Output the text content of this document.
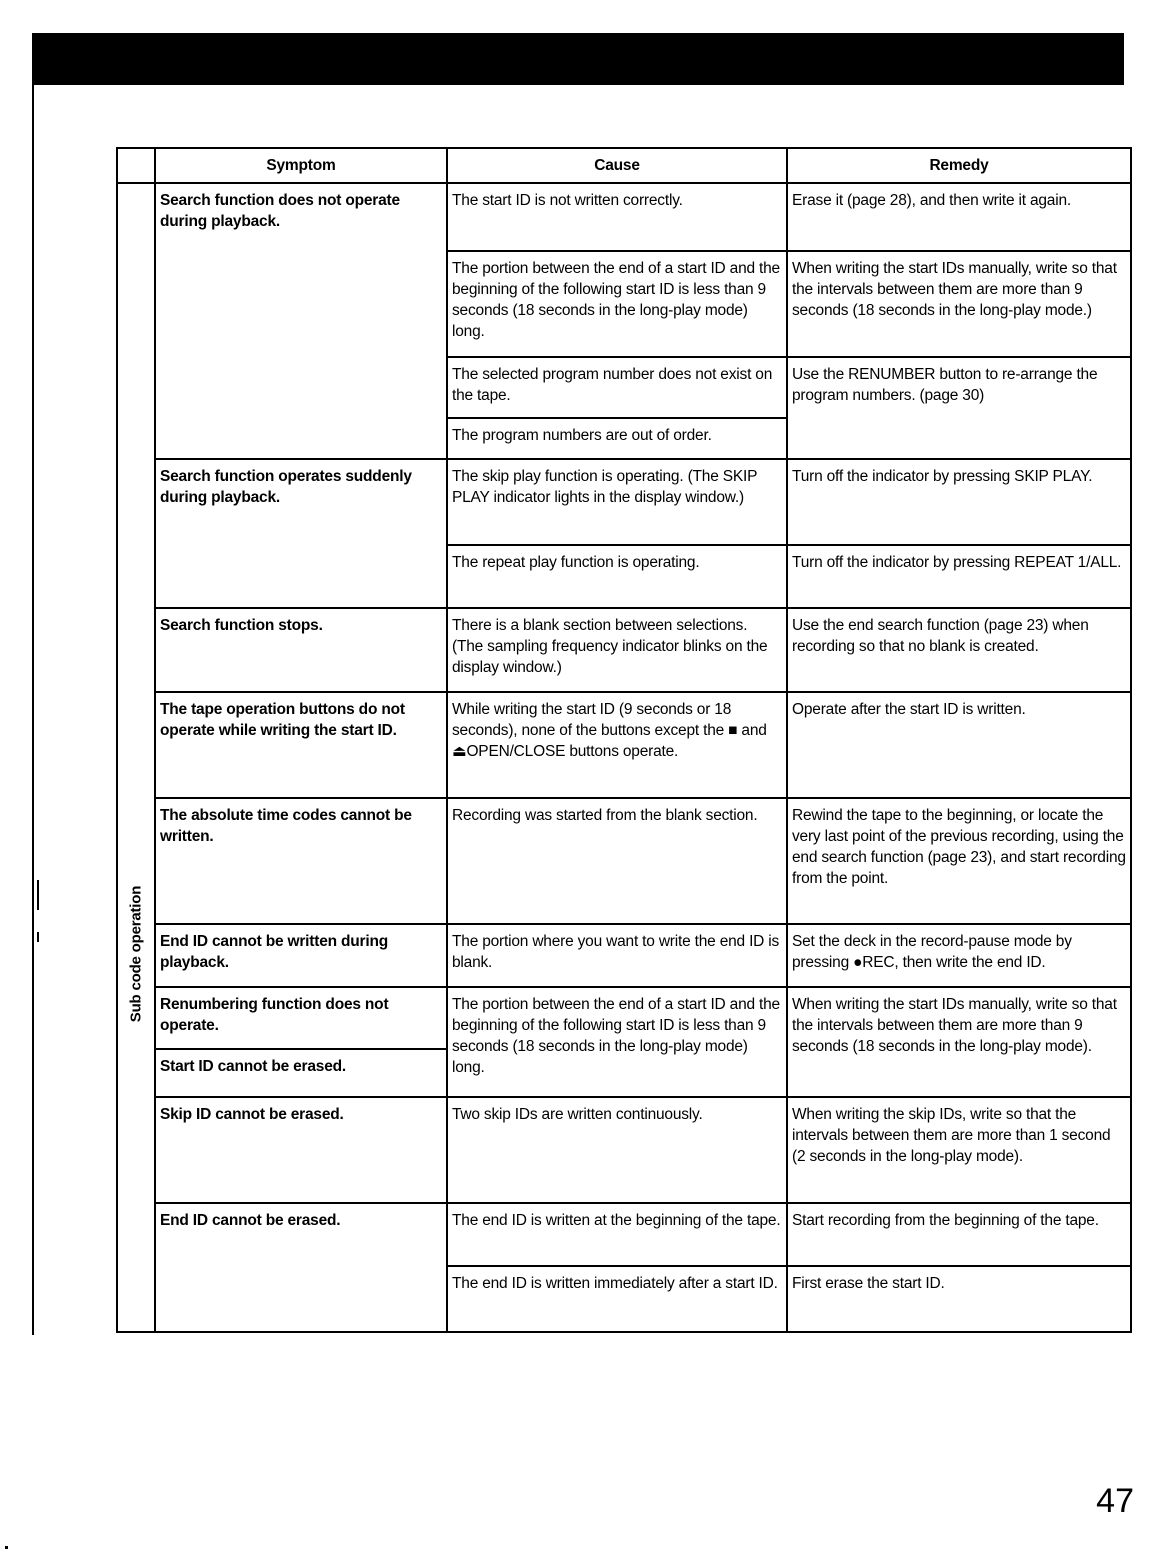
	Symptom	Cause	Remedy

Sub code operation	Search function does not operate during playback.	The start ID is not written correctly.	Erase it (page 28), and then write it again.
		The portion between the end of a start ID and the beginning of the following start ID is less than 9 seconds (18 seconds in the long-play mode) long.	When writing the start IDs manually, write so that the intervals between them are more than 9 seconds (18 seconds in the long-play mode.)
		The selected program number does not exist on the tape.	Use the RENUMBER button to re-arrange the program numbers. (page 30)
		The program numbers are out of order.	
	Search function operates suddenly during playback.	The skip play function is operating. (The SKIP PLAY indicator lights in the display window.)	Turn off the indicator by pressing SKIP PLAY.
		The repeat play function is operating.	Turn off the indicator by pressing REPEAT 1/ALL.
	Search function stops.	There is a blank section between selections. (The sampling frequency indicator blinks on the display window.)	Use the end search function (page 23) when recording so that no blank is created.
	The tape operation buttons do not operate while writing the start ID.	While writing the start ID (9 seconds or 18 seconds), none of the buttons except the ■ and ⏏OPEN/CLOSE buttons operate.	Operate after the start ID is written.
	The absolute time codes cannot be written.	Recording was started from the blank section.	Rewind the tape to the beginning, or locate the very last point of the previous recording, using the end search function (page 23), and start recording from the point.
	End ID cannot be written during playback.	The portion where you want to write the end ID is blank.	Set the deck in the record-pause mode by pressing ●REC, then write the end ID.
	Renumbering function does not operate.	The portion between the end of a start ID and the beginning of the following start ID is less than 9 seconds (18 seconds in the long-play mode) long.	When writing the start IDs manually, write so that the intervals between them are more than 9 seconds (18 seconds in the long-play mode).
	Start ID cannot be erased.		
	Skip ID cannot be erased.	Two skip IDs are written continuously.	When writing the skip IDs, write so that the intervals between them are more than 1 second (2 seconds in the long-play mode).
	End ID cannot be erased.	The end ID is written at the beginning of the tape.	Start recording from the beginning of the tape.
		The end ID is written immediately after a start ID.	First erase the start ID.
47
